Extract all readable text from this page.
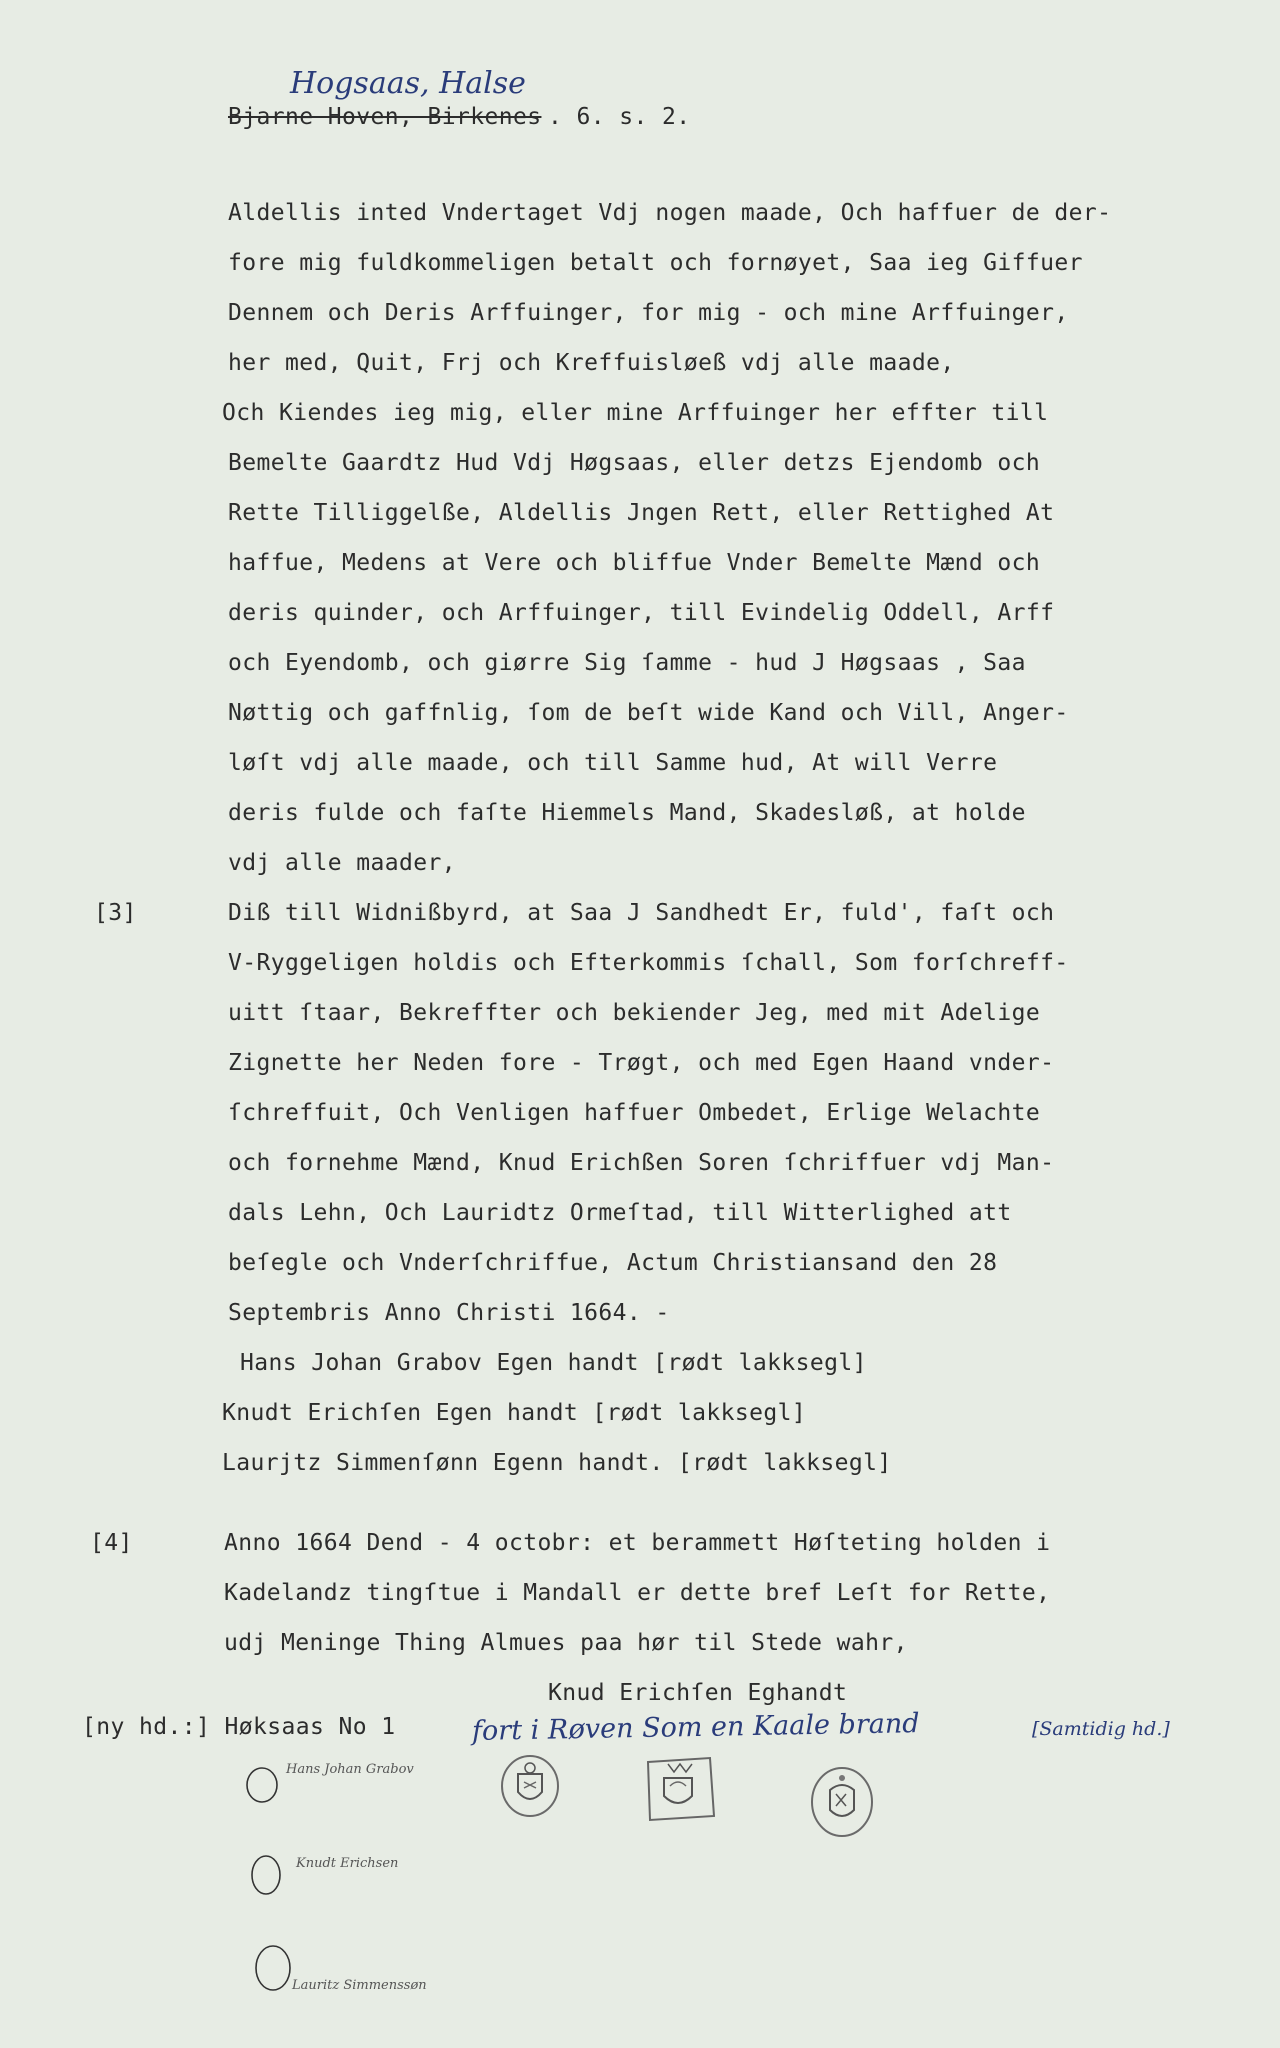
Hogsaas, Halse
Bjarne Hoven, Birkenes . 6. s. 2.
Aldellis inted Vndertaget Vdj nogen maade, Och haffuer de der-
fore mig fuldkommeligen betalt och fornøyet, Saa ieg Giffuer
Dennem och Deris Arffuinger, for mig - och mine Arffuinger,
her med, Quit, Frj och Kreffuisløeß vdj alle maade,
Och Kiendes ieg mig, eller mine Arffuinger her effter till
Bemelte Gaardtz Hud Vdj Høgsaas, eller detzs Ejendomb och
Rette Tilliggelße, Aldellis Jngen Rett, eller Rettighed At
haffue, Medens at Vere och bliffue Vnder Bemelte Mænd och
deris quinder, och Arffuinger, till Evindelig Oddell, Arff
och Eyendomb, och giørre Sig ſamme - hud J Høgsaas , Saa
Nøttig och gaffnlig, ſom de beſt wide Kand och Vill, Anger-
løſt vdj alle maade, och till Samme hud, At will Verre
deris fulde och faſte Hiemmels Mand, Skadesløß, at holde
vdj alle maader,
[3]	Diß till Widnißbyrd, at Saa J Sandhedt Er, fuld', faſt och
V-Ryggeligen holdis och Efterkommis ſchall, Som forſchreff-
uitt ſtaar, Bekreffter och bekiender Jeg, med mit Adelige
Zignette her Neden fore - Trøgt, och med Egen Haand vnder-
ſchreffuit, Och Venligen haffuer Ombedet, Erlige Welachte
och fornehme Mænd, Knud Erichßen Soren ſchriffuer vdj Man-
dals Lehn, Och Lauridtz Ormeſtad, till Witterlighed att
beſegle och Vnderſchriffue, Actum Christiansand den 28
Septembris Anno Christi 1664. -
Hans Johan Grabov Egen handt [rødt lakksegl]
Knudt Erichſen Egen handt [rødt lakksegl]
Laurjtz Simmenſønn Egenn handt. [rødt lakksegl]
[4]	Anno 1664 Dend - 4 octobr: et berammett Høſteting holden i
Kadelandz tingſtue i Mandall er dette bref Leſt for Rette,
udj Meninge Thing Almues paa hør til Stede wahr,
Knud Erichſen Eghandt
[ny hd.:] Høksaas No 1	fort i Røven Som en Kaale brand	[Samtidig hd.]
Hans Johan Grabov
Knudt Erichsen
Lauritz Simmenssøn
